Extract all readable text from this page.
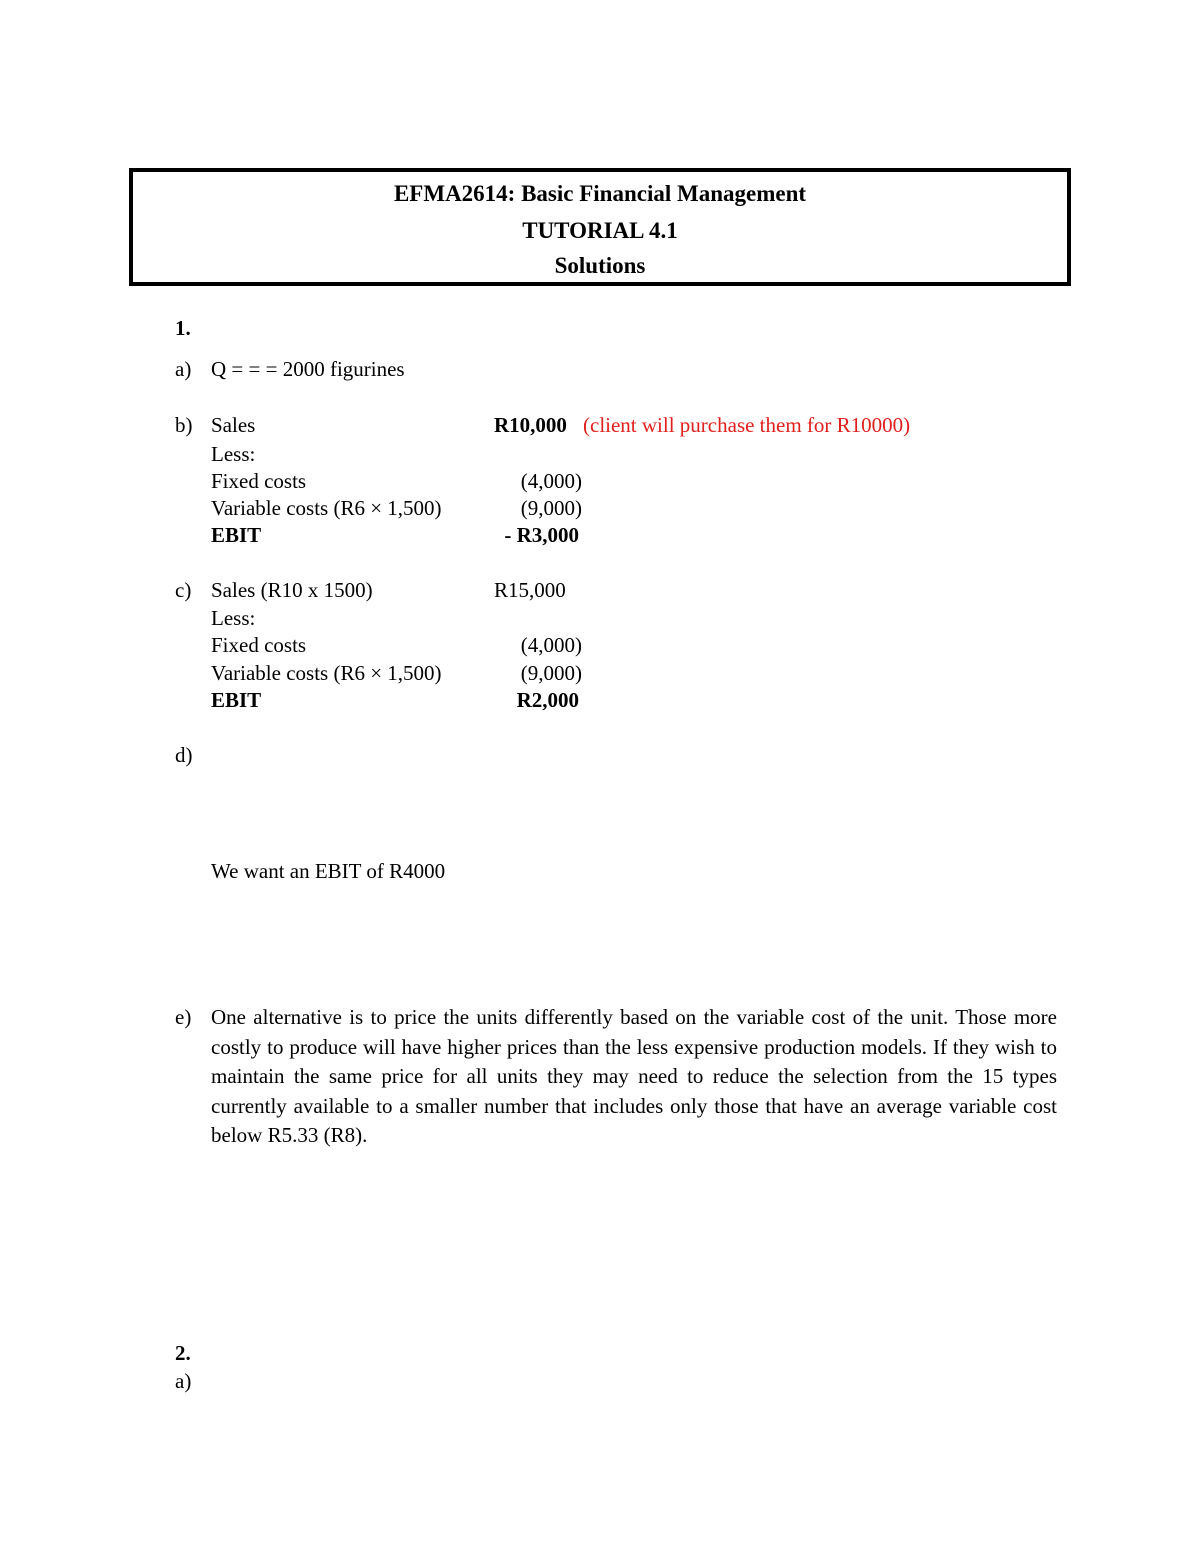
EFMA2614: Basic Financial Management
TUTORIAL 4.1
Solutions
1.
a) Q = = = 2000 figurines
b) Sales	R10,000 (client will purchase them for R10000)
Less:
Fixed costs	(4,000)
Variable costs (R6 × 1,500)	(9,000)
EBIT	- R3,000
c) Sales (R10 x 1500)	R15,000
Less:
Fixed costs	(4,000)
Variable costs (R6 × 1,500)	(9,000)
EBIT	R2,000
d)
We want an EBIT of R4000
e) One alternative is to price the units differently based on the variable cost of the unit. Those more costly to produce will have higher prices than the less expensive production models. If they wish to maintain the same price for all units they may need to reduce the selection from the 15 types currently available to a smaller number that includes only those that have an average variable cost below R5.33 (R8).
2.
a)
